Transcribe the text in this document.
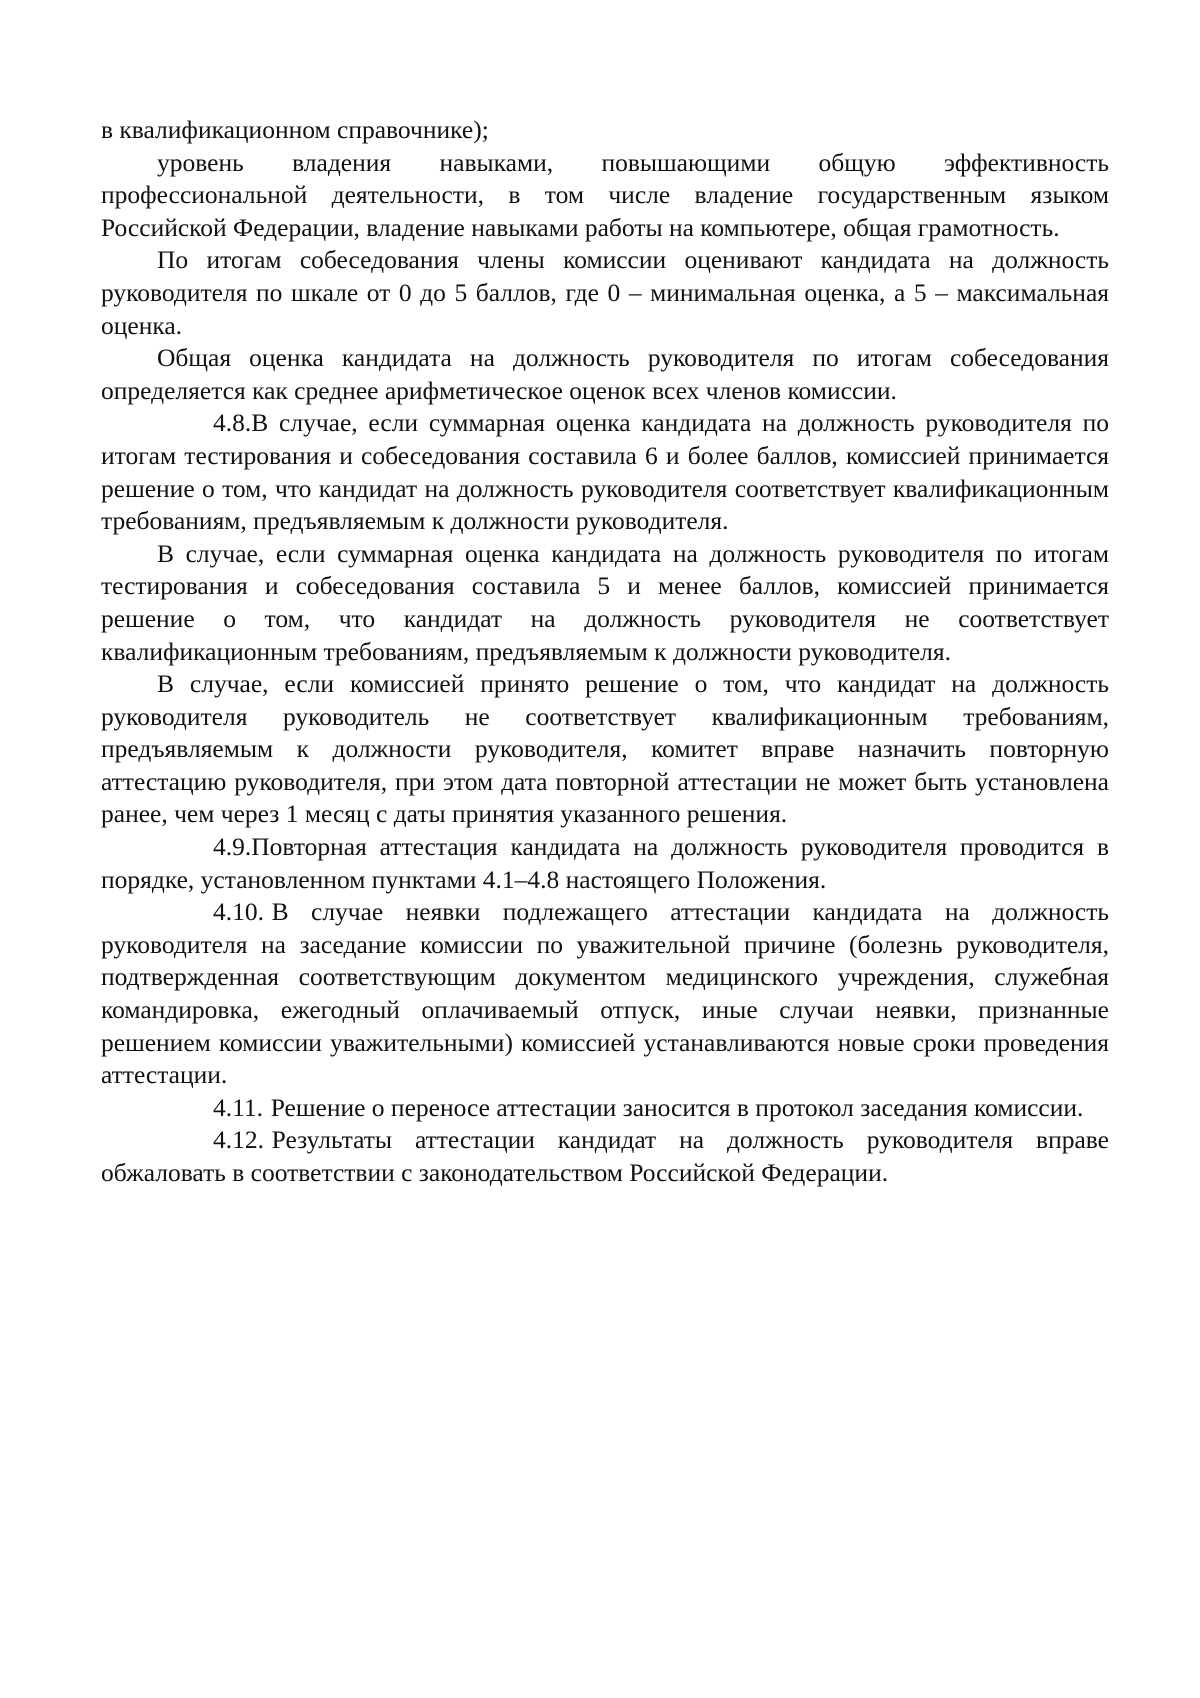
в квалификационном справочнике);

уровень владения навыками, повышающими общую эффективность профессиональной деятельности, в том числе владение государственным языком Российской Федерации, владение навыками работы на компьютере, общая грамотность.

По итогам собеседования члены комиссии оценивают кандидата на должность руководителя по шкале от 0 до 5 баллов, где 0 – минимальная оценка, а 5 – максимальная оценка.

Общая оценка кандидата на должность руководителя по итогам собеседования определяется как среднее арифметическое оценок всех членов комиссии.

4.8.В случае, если суммарная оценка кандидата на должность руководителя по итогам тестирования и собеседования составила 6 и более баллов, комиссией принимается решение о том, что кандидат на должность руководителя соответствует квалификационным требованиям, предъявляемым к должности руководителя.

В случае, если суммарная оценка кандидата на должность руководителя по итогам тестирования и собеседования составила 5 и менее баллов, комиссией принимается решение о том, что кандидат на должность руководителя не соответствует квалификационным требованиям, предъявляемым к должности руководителя.

В случае, если комиссией принято решение о том, что кандидат на должность руководителя руководитель не соответствует квалификационным требованиям, предъявляемым к должности руководителя, комитет вправе назначить повторную аттестацию руководителя, при этом дата повторной аттестации не может быть установлена ранее, чем через 1 месяц с даты принятия указанного решения.

4.9.Повторная аттестация кандидата на должность руководителя проводится в порядке, установленном пунктами 4.1–4.8 настоящего Положения.

4.10. В случае неявки подлежащего аттестации кандидата на должность руководителя на заседание комиссии по уважительной причине (болезнь руководителя, подтвержденная соответствующим документом медицинского учреждения, служебная командировка, ежегодный оплачиваемый отпуск, иные случаи неявки, признанные решением комиссии уважительными) комиссией устанавливаются новые сроки проведения аттестации.

4.11. Решение о переносе аттестации заносится в протокол заседания комиссии.

4.12. Результаты аттестации кандидат на должность руководителя вправе обжаловать в соответствии с законодательством Российской Федерации.
